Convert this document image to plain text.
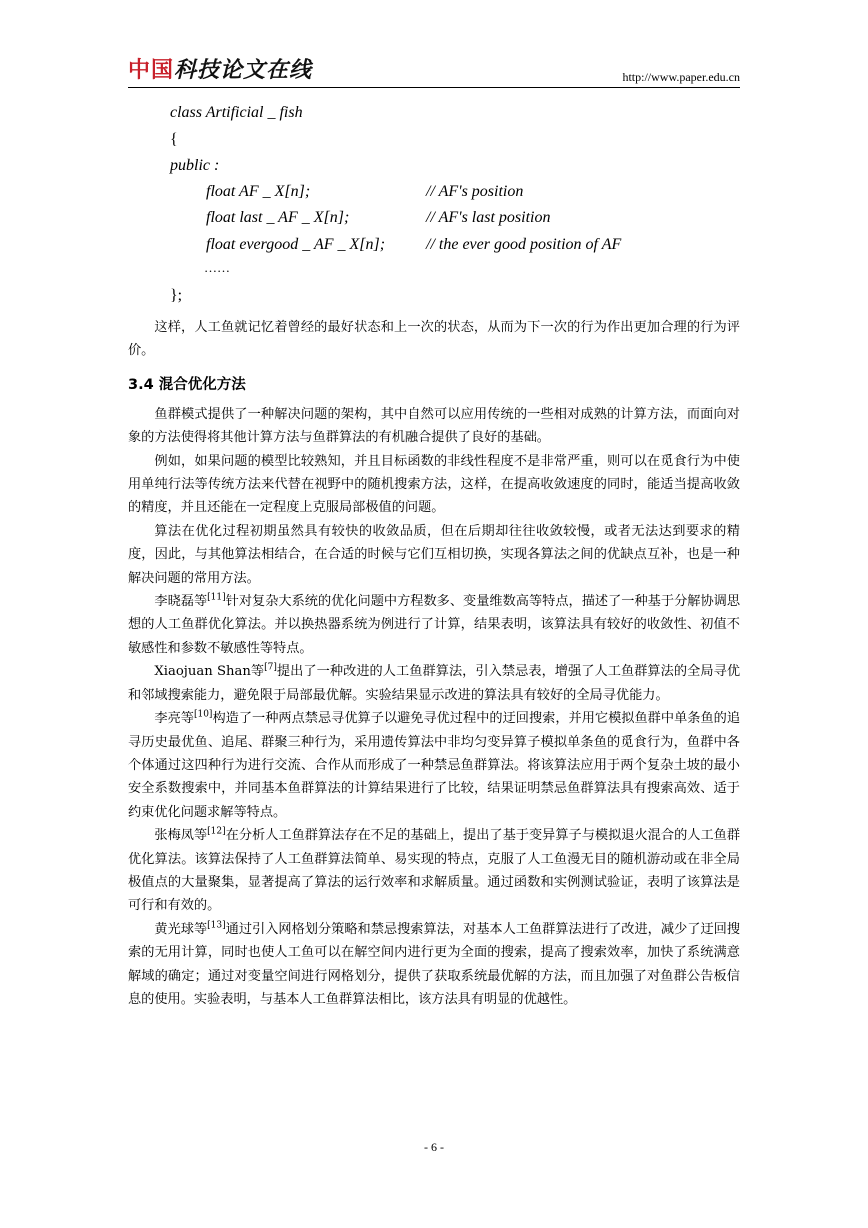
中国科技论文在线	http://www.paper.edu.cn
class Artificial _ fish
{
public :
float AF _ X[n];	// AF's position
float last _ AF _ X[n];	// AF's last position
float evergood _ AF _ X[n];	// the ever good position of AF
……
};

这样，人工鱼就记忆着曾经的最好状态和上一次的状态，从而为下一次的行为作出更加合理的行为评价。

3.4 混合优化方法

鱼群模式提供了一种解决问题的架构，其中自然可以应用传统的一些相对成熟的计算方法，而面向对象的方法使得将其他计算方法与鱼群算法的有机融合提供了良好的基础。

例如，如果问题的模型比较熟知，并且目标函数的非线性程度不是非常严重，则可以在觅食行为中使用单纯行法等传统方法来代替在视野中的随机搜索方法，这样，在提高收敛速度的同时，能适当提高收敛的精度，并且还能在一定程度上克服局部极值的问题。

算法在优化过程初期虽然具有较快的收敛品质，但在后期却往往收敛较慢，或者无法达到要求的精度，因此，与其他算法相结合，在合适的时候与它们互相切换，实现各算法之间的优缺点互补，也是一种解决问题的常用方法。

李晓磊等[11]针对复杂大系统的优化问题中方程数多、变量维数高等特点，描述了一种基于分解协调思想的人工鱼群优化算法。并以换热器系统为例进行了计算，结果表明，该算法具有较好的收敛性、初值不敏感性和参数不敏感性等特点。

Xiaojuan Shan等[7]提出了一种改进的人工鱼群算法，引入禁忌表，增强了人工鱼群算法的全局寻优和邻域搜索能力，避免限于局部最优解。实验结果显示改进的算法具有较好的全局寻优能力。

李亮等[10]构造了一种两点禁忌寻优算子以避免寻优过程中的迂回搜索，并用它模拟鱼群中单条鱼的追寻历史最优鱼、追尾、群聚三种行为，采用遗传算法中非均匀变异算子模拟单条鱼的觅食行为，鱼群中各个体通过这四种行为进行交流、合作从而形成了一种禁忌鱼群算法。将该算法应用于两个复杂土坡的最小安全系数搜索中，并同基本鱼群算法的计算结果进行了比较，结果证明禁忌鱼群算法具有搜索高效、适于约束优化问题求解等特点。

张梅凤等[12]在分析人工鱼群算法存在不足的基础上，提出了基于变异算子与模拟退火混合的人工鱼群优化算法。该算法保持了人工鱼群算法简单、易实现的特点，克服了人工鱼漫无目的随机游动或在非全局极值点的大量聚集，显著提高了算法的运行效率和求解质量。通过函数和实例测试验证，表明了该算法是可行和有效的。

黄光球等[13]通过引入网格划分策略和禁忌搜索算法，对基本人工鱼群算法进行了改进，减少了迂回搜索的无用计算，同时也使人工鱼可以在解空间内进行更为全面的搜索，提高了搜索效率，加快了系统满意解域的确定；通过对变量空间进行网格划分，提供了获取系统最优解的方法，而且加强了对鱼群公告板信息的使用。实验表明，与基本人工鱼群算法相比，该方法具有明显的优越性。

- 6 -
